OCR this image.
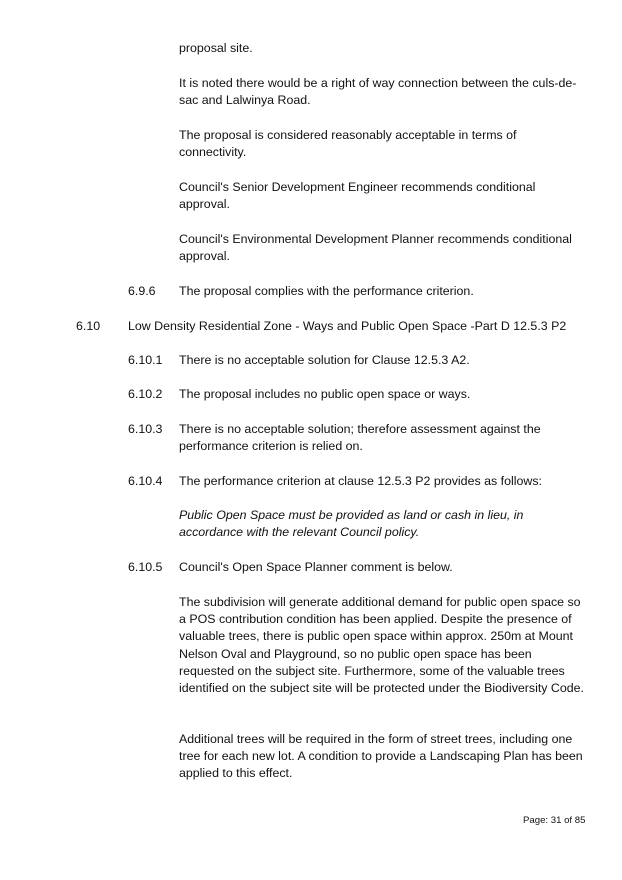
proposal site.

It is noted there would be a right of way connection between the culs-de-sac and Lalwinya Road.

The proposal is considered reasonably acceptable in terms of connectivity.

Council's Senior Development Engineer recommends conditional approval.

Council's Environmental Development Planner recommends conditional approval.

6.9.6 The proposal complies with the performance criterion.

6.10 Low Density Residential Zone - Ways and Public Open Space -Part D 12.5.3 P2

6.10.1 There is no acceptable solution for Clause 12.5.3 A2.

6.10.2 The proposal includes no public open space or ways.

6.10.3 There is no acceptable solution; therefore assessment against the performance criterion is relied on.

6.10.4 The performance criterion at clause 12.5.3 P2 provides as follows:

Public Open Space must be provided as land or cash in lieu, in accordance with the relevant Council policy.

6.10.5 Council's Open Space Planner comment is below.

The subdivision will generate additional demand for public open space so a POS contribution condition has been applied. Despite the presence of valuable trees, there is public open space within approx. 250m at Mount Nelson Oval and Playground, so no public open space has been requested on the subject site. Furthermore, some of the valuable trees identified on the subject site will be protected under the Biodiversity Code.

Additional trees will be required in the form of street trees, including one tree for each new lot. A condition to provide a Landscaping Plan has been applied to this effect.

Page: 31 of 85
